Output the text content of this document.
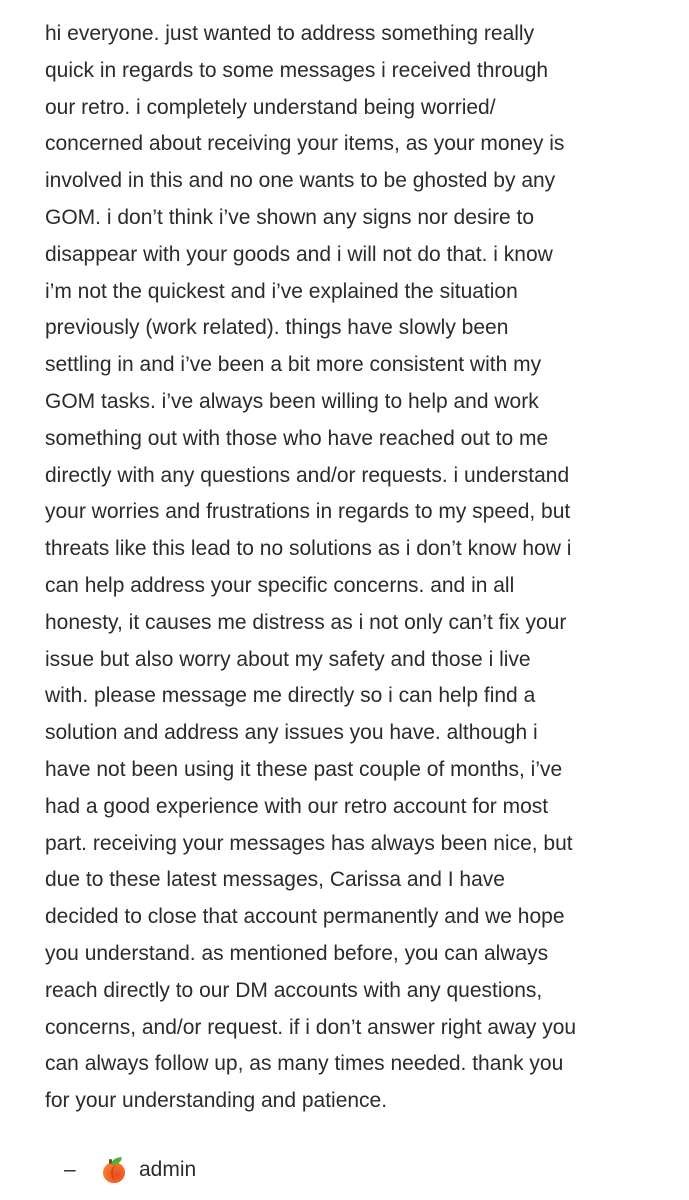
hi everyone. just wanted to address something really
quick in regards to some messages i received through
our retro. i completely understand being worried/
concerned about receiving your items, as your money is
involved in this and no one wants to be ghosted by any
GOM. i don’t think i’ve shown any signs nor desire to
disappear with your goods and i will not do that. i know
i’m not the quickest and i’ve explained the situation
previously (work related). things have slowly been
settling in and i’ve been a bit more consistent with my
GOM tasks. i’ve always been willing to help and work
something out with those who have reached out to me
directly with any questions and/or requests. i understand
your worries and frustrations in regards to my speed, but
threats like this lead to no solutions as i don’t know how i
can help address your specific concerns. and in all
honesty, it causes me distress as i not only can’t fix your
issue but also worry about my safety and those i live
with. please message me directly so i can help find a
solution and address any issues you have. although i
have not been using it these past couple of months, i’ve
had a good experience with our retro account for most
part. receiving your messages has always been nice, but
due to these latest messages, Carissa and I have
decided to close that account permanently and we hope
you understand. as mentioned before, you can always
reach directly to our DM accounts with any questions,
concerns, and/or request. if i don’t answer right away you
can always follow up, as many times needed. thank you
for your understanding and patience.
–	admin
